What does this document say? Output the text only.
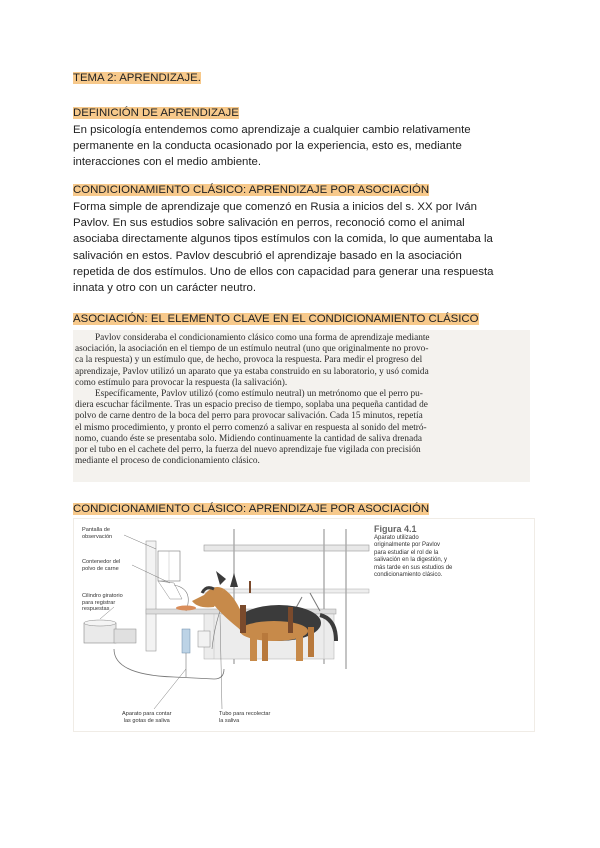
TEMA 2: APRENDIZAJE.
DEFINICIÓN DE APRENDIZAJE
En psicología entendemos como aprendizaje a cualquier cambio relativamente
permanente en la conducta ocasionado por la experiencia, esto es, mediante
interacciones con el medio ambiente.
CONDICIONAMIENTO CLÁSICO: APRENDIZAJE POR ASOCIACIÓN
Forma simple de aprendizaje que comenzó en Rusia a inicios del s. XX por Iván
Pavlov. En sus estudios sobre salivación en perros, reconoció como el animal
asociaba directamente algunos tipos estímulos con la comida, lo que aumentaba la
salivación en estos. Pavlov descubrió el aprendizaje basado en la asociación
repetida de dos estímulos. Uno de ellos con capacidad para generar una respuesta
innata y otro con un carácter neutro.
ASOCIACIÓN: EL ELEMENTO CLAVE EN EL CONDICIONAMIENTO CLÁSICO
Pavlov consideraba el condicionamiento clásico como una forma de aprendizaje mediante
asociación, la asociación en el tiempo de un estímulo neutral (uno que originalmente no provo-
ca la respuesta) y un estímulo que, de hecho, provoca la respuesta. Para medir el progreso del
aprendizaje, Pavlov utilizó un aparato que ya estaba construido en su laboratorio, y usó comida
como estímulo para provocar la respuesta (la salivación).
Específicamente, Pavlov utilizó (como estímulo neutral) un metrónomo que el perro pu-
diera escuchar fácilmente. Tras un espacio preciso de tiempo, soplaba una pequeña cantidad de
polvo de carne dentro de la boca del perro para provocar salivación. Cada 15 minutos, repetía
el mismo procedimiento, y pronto el perro comenzó a salivar en respuesta al sonido del metró-
nomo, cuando éste se presentaba solo. Midiendo continuamente la cantidad de saliva drenada
por el tubo en el cachete del perro, la fuerza del nuevo aprendizaje fue vigilada con precisión
mediante el proceso de condicionamiento clásico.
CONDICIONAMIENTO CLÁSICO: APRENDIZAJE POR ASOCIACIÓN
Pantalla de
observación
Contenedor del
polvo de carne
Cilindro giratorio
para registrar
respuestas
Aparato para contar
las gotas de saliva
Tubo para recolectar
la saliva
Figura 4.1
Aparato utilizado
originalmente por Pavlov
para estudiar el rol de la
salivación en la digestión, y
más tarde en sus estudios de
condicionamiento clásico.
